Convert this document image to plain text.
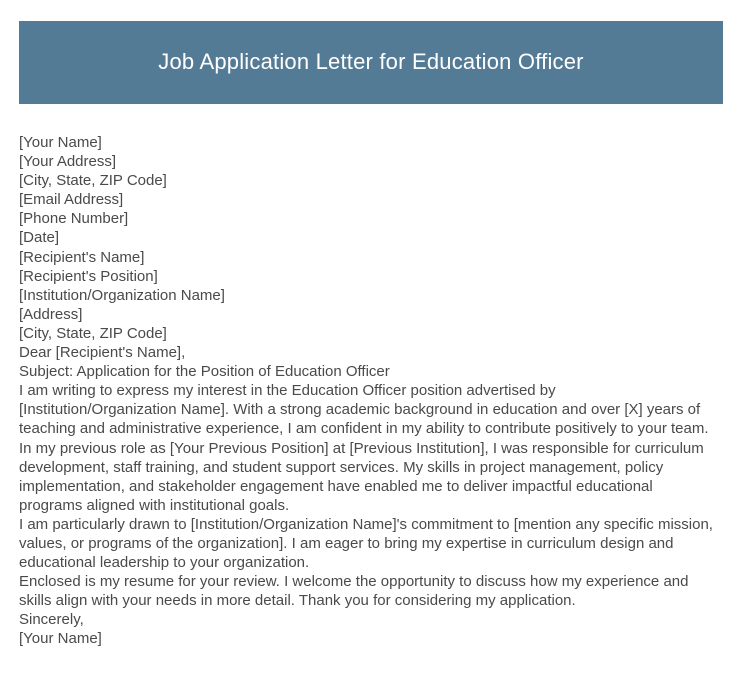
Job Application Letter for Education Officer
[Your Name]
[Your Address]
[City, State, ZIP Code]
[Email Address]
[Phone Number]
[Date]
[Recipient's Name]
[Recipient's Position]
[Institution/Organization Name]
[Address]
[City, State, ZIP Code]
Dear [Recipient's Name],
Subject: Application for the Position of Education Officer

I am writing to express my interest in the Education Officer position advertised by [Institution/Organization Name]. With a strong academic background in education and over [X] years of teaching and administrative experience, I am confident in my ability to contribute positively to your team.

In my previous role as [Your Previous Position] at [Previous Institution], I was responsible for curriculum development, staff training, and student support services. My skills in project management, policy implementation, and stakeholder engagement have enabled me to deliver impactful educational programs aligned with institutional goals.

I am particularly drawn to [Institution/Organization Name]'s commitment to [mention any specific mission, values, or programs of the organization]. I am eager to bring my expertise in curriculum design and educational leadership to your organization.

Enclosed is my resume for your review. I welcome the opportunity to discuss how my experience and skills align with your needs in more detail. Thank you for considering my application.

Sincerely,
[Your Name]
